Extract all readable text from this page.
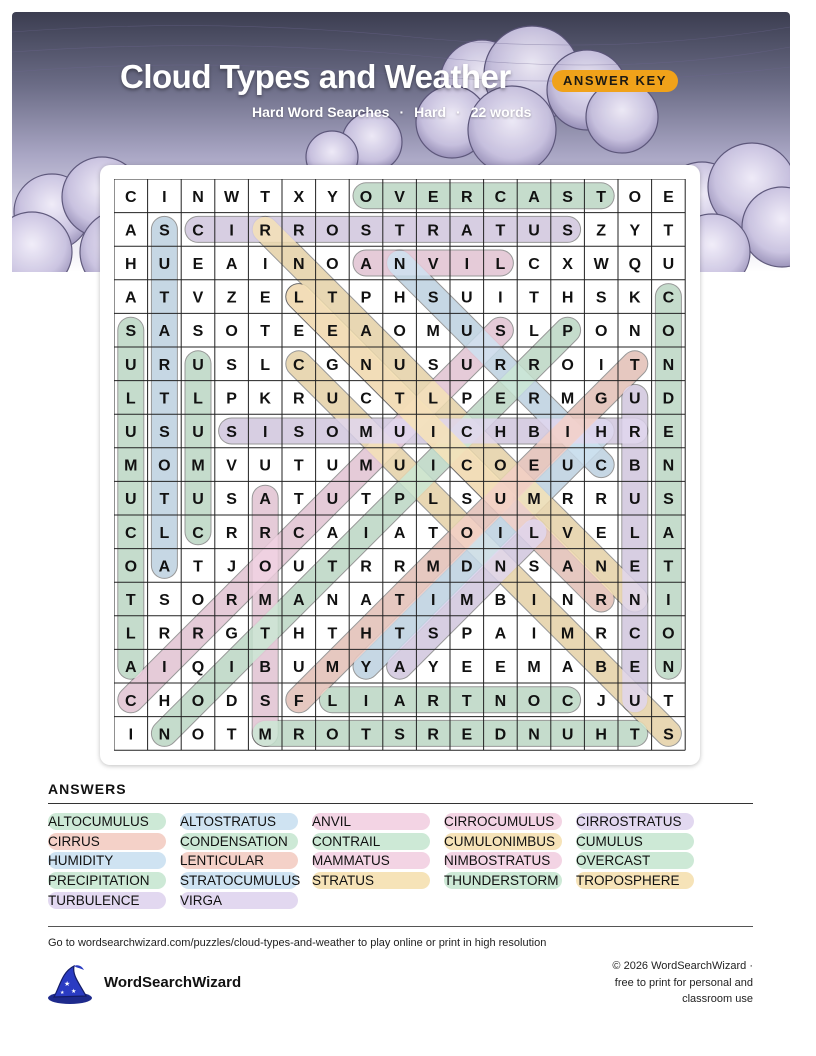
Cloud Types and Weather	ANSWER KEY
Hard Word Searches · Hard · 22 words
C I N W T X Y O V E R C A S T O E
A S C I R R O S T R A T U S Z Y T
H U E A I N O A N V I L C X W Q U
A T V Z E L T P H S U I T H S K C
S A S O T E E A O M U S L P O N O
U R U S L C G N U S U R R O I T N
L T L P K R U C T L P E R M G U D
U S U S I S O M U I C H B I H R E
M O M V U T U M U I C O E U C B N
U T U S A T U T P L S U M R R U S
C L C R R C A I A T O I L V E L A
O A T J O U T R R M D N S A N E T
T S O R M A N A T I M B I N R N I
L R R G T H T H T S P A I M R C O
A I Q I B U M Y A Y E E M A B E N
C H O D S F L I A R T N O C J U T
I N O T M R O T S R E D N U H T S
ANSWERS
ALTOCUMULUS	ALTOSTRATUS	ANVIL	CIRROCUMULUS	CIRROSTRATUS
CIRRUS	CONDENSATION	CONTRAIL	CUMULONIMBUS	CUMULUS
HUMIDITY	LENTICULAR	MAMMATUS	NIMBOSTRATUS	OVERCAST
PRECIPITATION	STRATOCUMULUS STRATUS	THUNDERSTORM TROPOSPHERE
TURBULENCE	VIRGA
Go to wordsearchwizard.com/puzzles/cloud-types-and-weather to play online or print in high resolution
★
★
★
WordSearchWizard
© 2026 WordSearchWizard ·
free to print for personal and
classroom use
